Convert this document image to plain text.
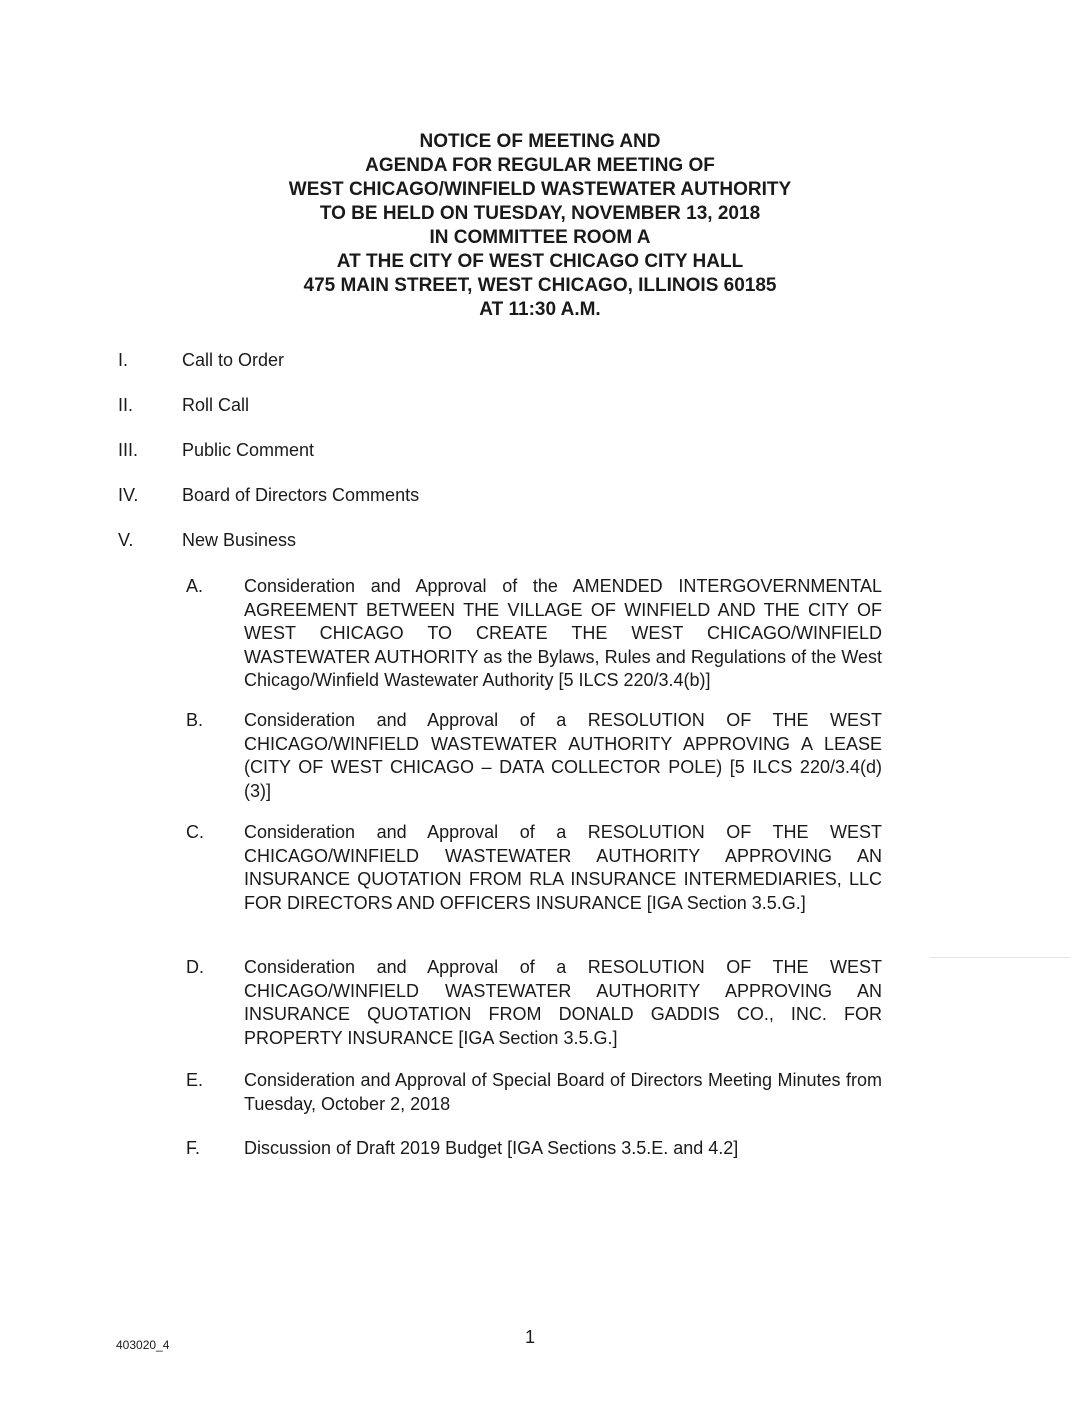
NOTICE OF MEETING AND
AGENDA FOR REGULAR MEETING OF
WEST CHICAGO/WINFIELD WASTEWATER AUTHORITY
TO BE HELD ON TUESDAY, NOVEMBER 13, 2018
IN COMMITTEE ROOM A
AT THE CITY OF WEST CHICAGO CITY HALL
475 MAIN STREET, WEST CHICAGO, ILLINOIS 60185
AT 11:30 A.M.
I.	Call to Order
II.	Roll Call
III.	Public Comment
IV.	Board of Directors Comments
V.	New Business
A.	Consideration and Approval of the AMENDED INTERGOVERNMENTAL AGREEMENT BETWEEN THE VILLAGE OF WINFIELD AND THE CITY OF WEST CHICAGO TO CREATE THE WEST CHICAGO/WINFIELD WASTEWATER AUTHORITY as the Bylaws, Rules and Regulations of the West Chicago/Winfield Wastewater Authority [5 ILCS 220/3.4(b)]
B.	Consideration and Approval of a RESOLUTION OF THE WEST CHICAGO/WINFIELD WASTEWATER AUTHORITY APPROVING A LEASE (CITY OF WEST CHICAGO – DATA COLLECTOR POLE) [5 ILCS 220/3.4(d)(3)]
C.	Consideration and Approval of a RESOLUTION OF THE WEST CHICAGO/WINFIELD WASTEWATER AUTHORITY APPROVING AN INSURANCE QUOTATION FROM RLA INSURANCE INTERMEDIARIES, LLC FOR DIRECTORS AND OFFICERS INSURANCE [IGA Section 3.5.G.]
D.	Consideration and Approval of a RESOLUTION OF THE WEST CHICAGO/WINFIELD WASTEWATER AUTHORITY APPROVING AN INSURANCE QUOTATION FROM DONALD GADDIS CO., INC. FOR PROPERTY INSURANCE [IGA Section 3.5.G.]
E.	Consideration and Approval of Special Board of Directors Meeting Minutes from Tuesday, October 2, 2018
F.	Discussion of Draft 2019 Budget [IGA Sections 3.5.E. and 4.2]
403020_4	1
